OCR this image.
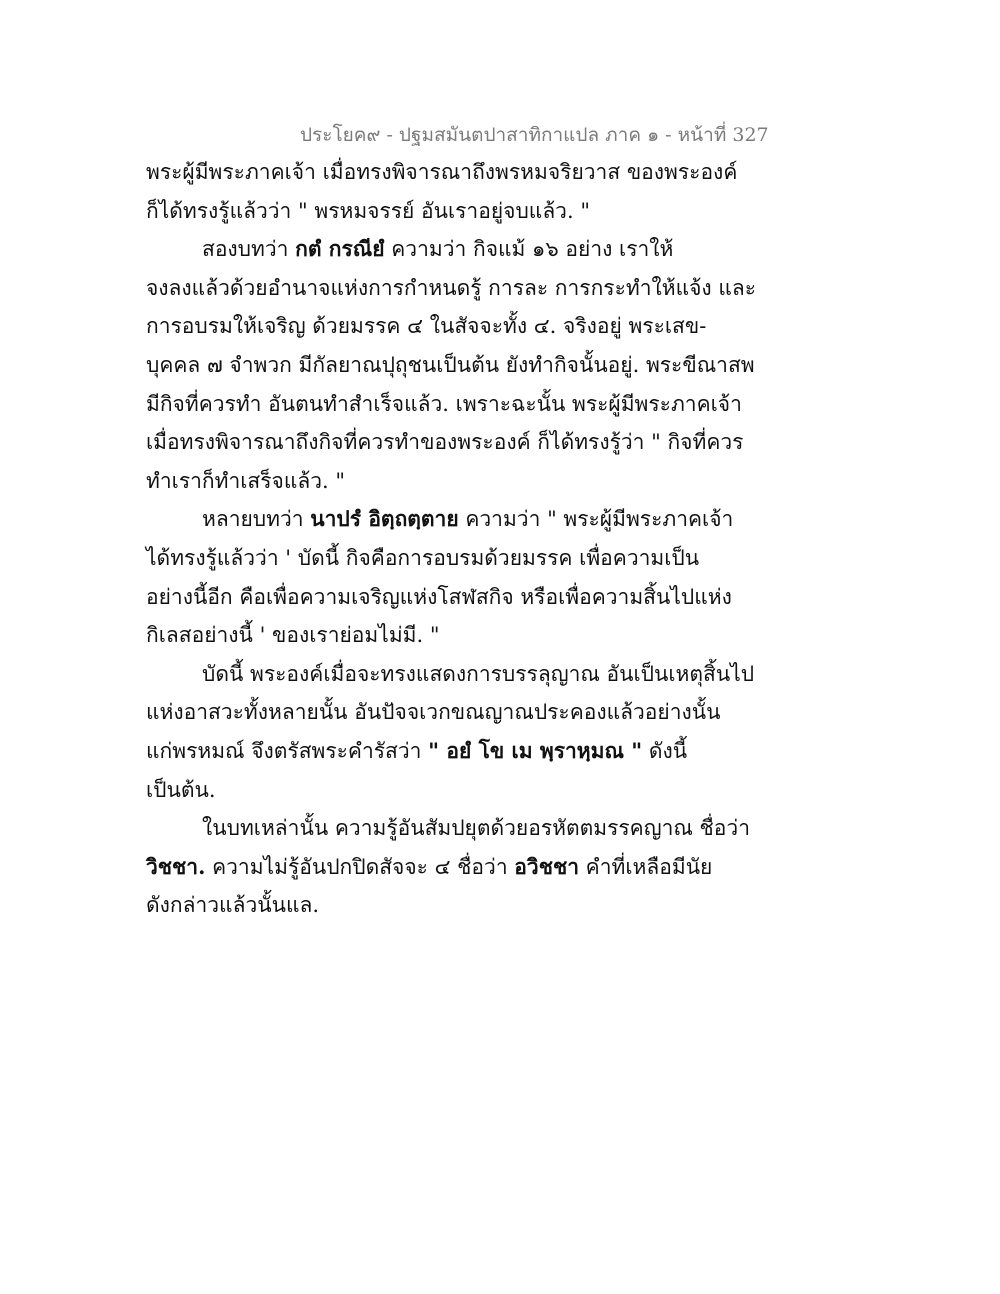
ประโยค๙ - ปฐมสมันตปาสาทิกาแปล ภาค ๑ - หน้าที่ 327
พระผู้มีพระภาคเจ้า เมื่อทรงพิจารณาถึงพรหมจริยวาส ของพระองค์
ก็ได้ทรงรู้แล้วว่า " พรหมจรรย์ อันเราอยู่จบแล้ว. "
สองบทว่า กตํ กรณียํ ความว่า กิจแม้ ๑๖ อย่าง เราให้
จงลงแล้วด้วยอำนาจแห่งการกำหนดรู้ การละ การกระทำให้แจ้ง และ
การอบรมให้เจริญ ด้วยมรรค ๔ ในสัจจะทั้ง ๔. จริงอยู่ พระเสข-
บุคคล ๗ จำพวก มีกัลยาณปุถุชนเป็นต้น ยังทำกิจนั้นอยู่. พระขีณาสพ
มีกิจที่ควรทำ อันตนทำสำเร็จแล้ว. เพราะฉะนั้น พระผู้มีพระภาคเจ้า
เมื่อทรงพิจารณาถึงกิจที่ควรทำของพระองค์ ก็ได้ทรงรู้ว่า " กิจที่ควร
ทำเราก็ทำเสร็จแล้ว. "
หลายบทว่า นาปรํ อิตฺถตฺตาย ความว่า " พระผู้มีพระภาคเจ้า
ได้ทรงรู้แล้วว่า ' บัดนี้ กิจคือการอบรมด้วยมรรค เพื่อความเป็น
อย่างนี้อีก คือเพื่อความเจริญแห่งโสฬสกิจ หรือเพื่อความสิ้นไปแห่ง
กิเลสอย่างนี้ ' ของเราย่อมไม่มี. "
บัดนี้ พระองค์เมื่อจะทรงแสดงการบรรลุญาณ อันเป็นเหตุสิ้นไป
แห่งอาสวะทั้งหลายนั้น อันปัจจเวกขณญาณประคองแล้วอย่างนั้น
แก่พรหมณ์ จึงตรัสพระคำรัสว่า " อยํ โข เม พฺราหฺมณ " ดังนี้
เป็นต้น.
ในบทเหล่านั้น ความรู้อันสัมปยุตด้วยอรหัตตมรรคญาณ ชื่อว่า
วิชชา. ความไม่รู้อันปกปิดสัจจะ ๔ ชื่อว่า อวิชชา คำที่เหลือมีนัย
ดังกล่าวแล้วนั้นแล.
